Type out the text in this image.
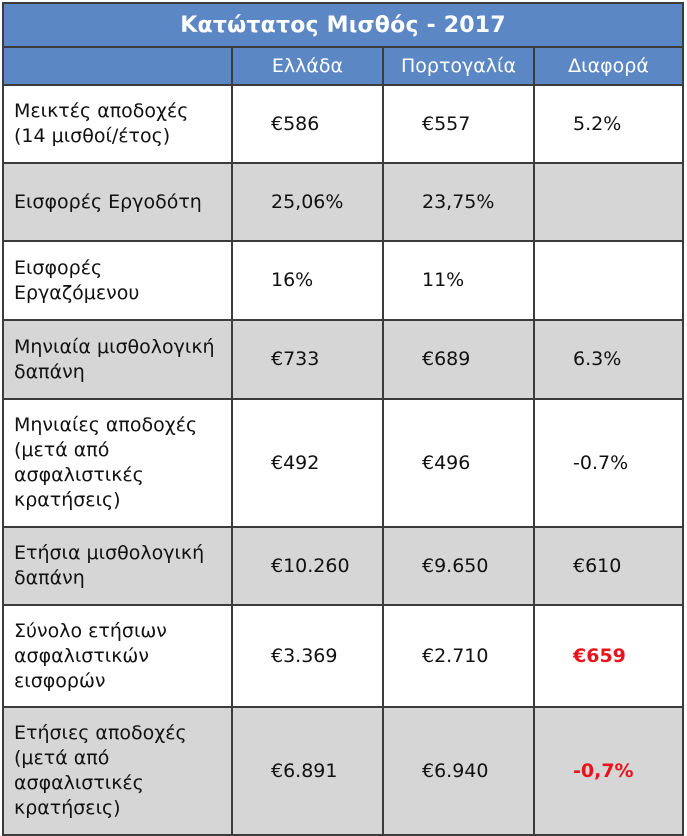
Κατώτατος Μισθός - 2017			
	Ελλάδα	Πορτογαλία	Διαφορά
Μεικτές αποδοχές (14 μισθοί/έτος)	€586	€557	5.2%
Εισφορές Εργοδότη	25,06%	23,75%	
Εισφορές Εργαζόμενου	16%	11%	
Μηνιαία μισθολογική δαπάνη	€733	€689	6.3%
Μηνιαίες αποδοχές (μετά από ασφαλιστικές κρατήσεις)	€492	€496	-0.7%
Ετήσια μισθολογική δαπάνη	€10.260	€9.650	€610
Σύνολο ετήσιων ασφαλιστικών εισφορών	€3.369	€2.710	€659
Ετήσιες αποδοχές (μετά από ασφαλιστικές κρατήσεις)	€6.891	€6.940	-0,7%
